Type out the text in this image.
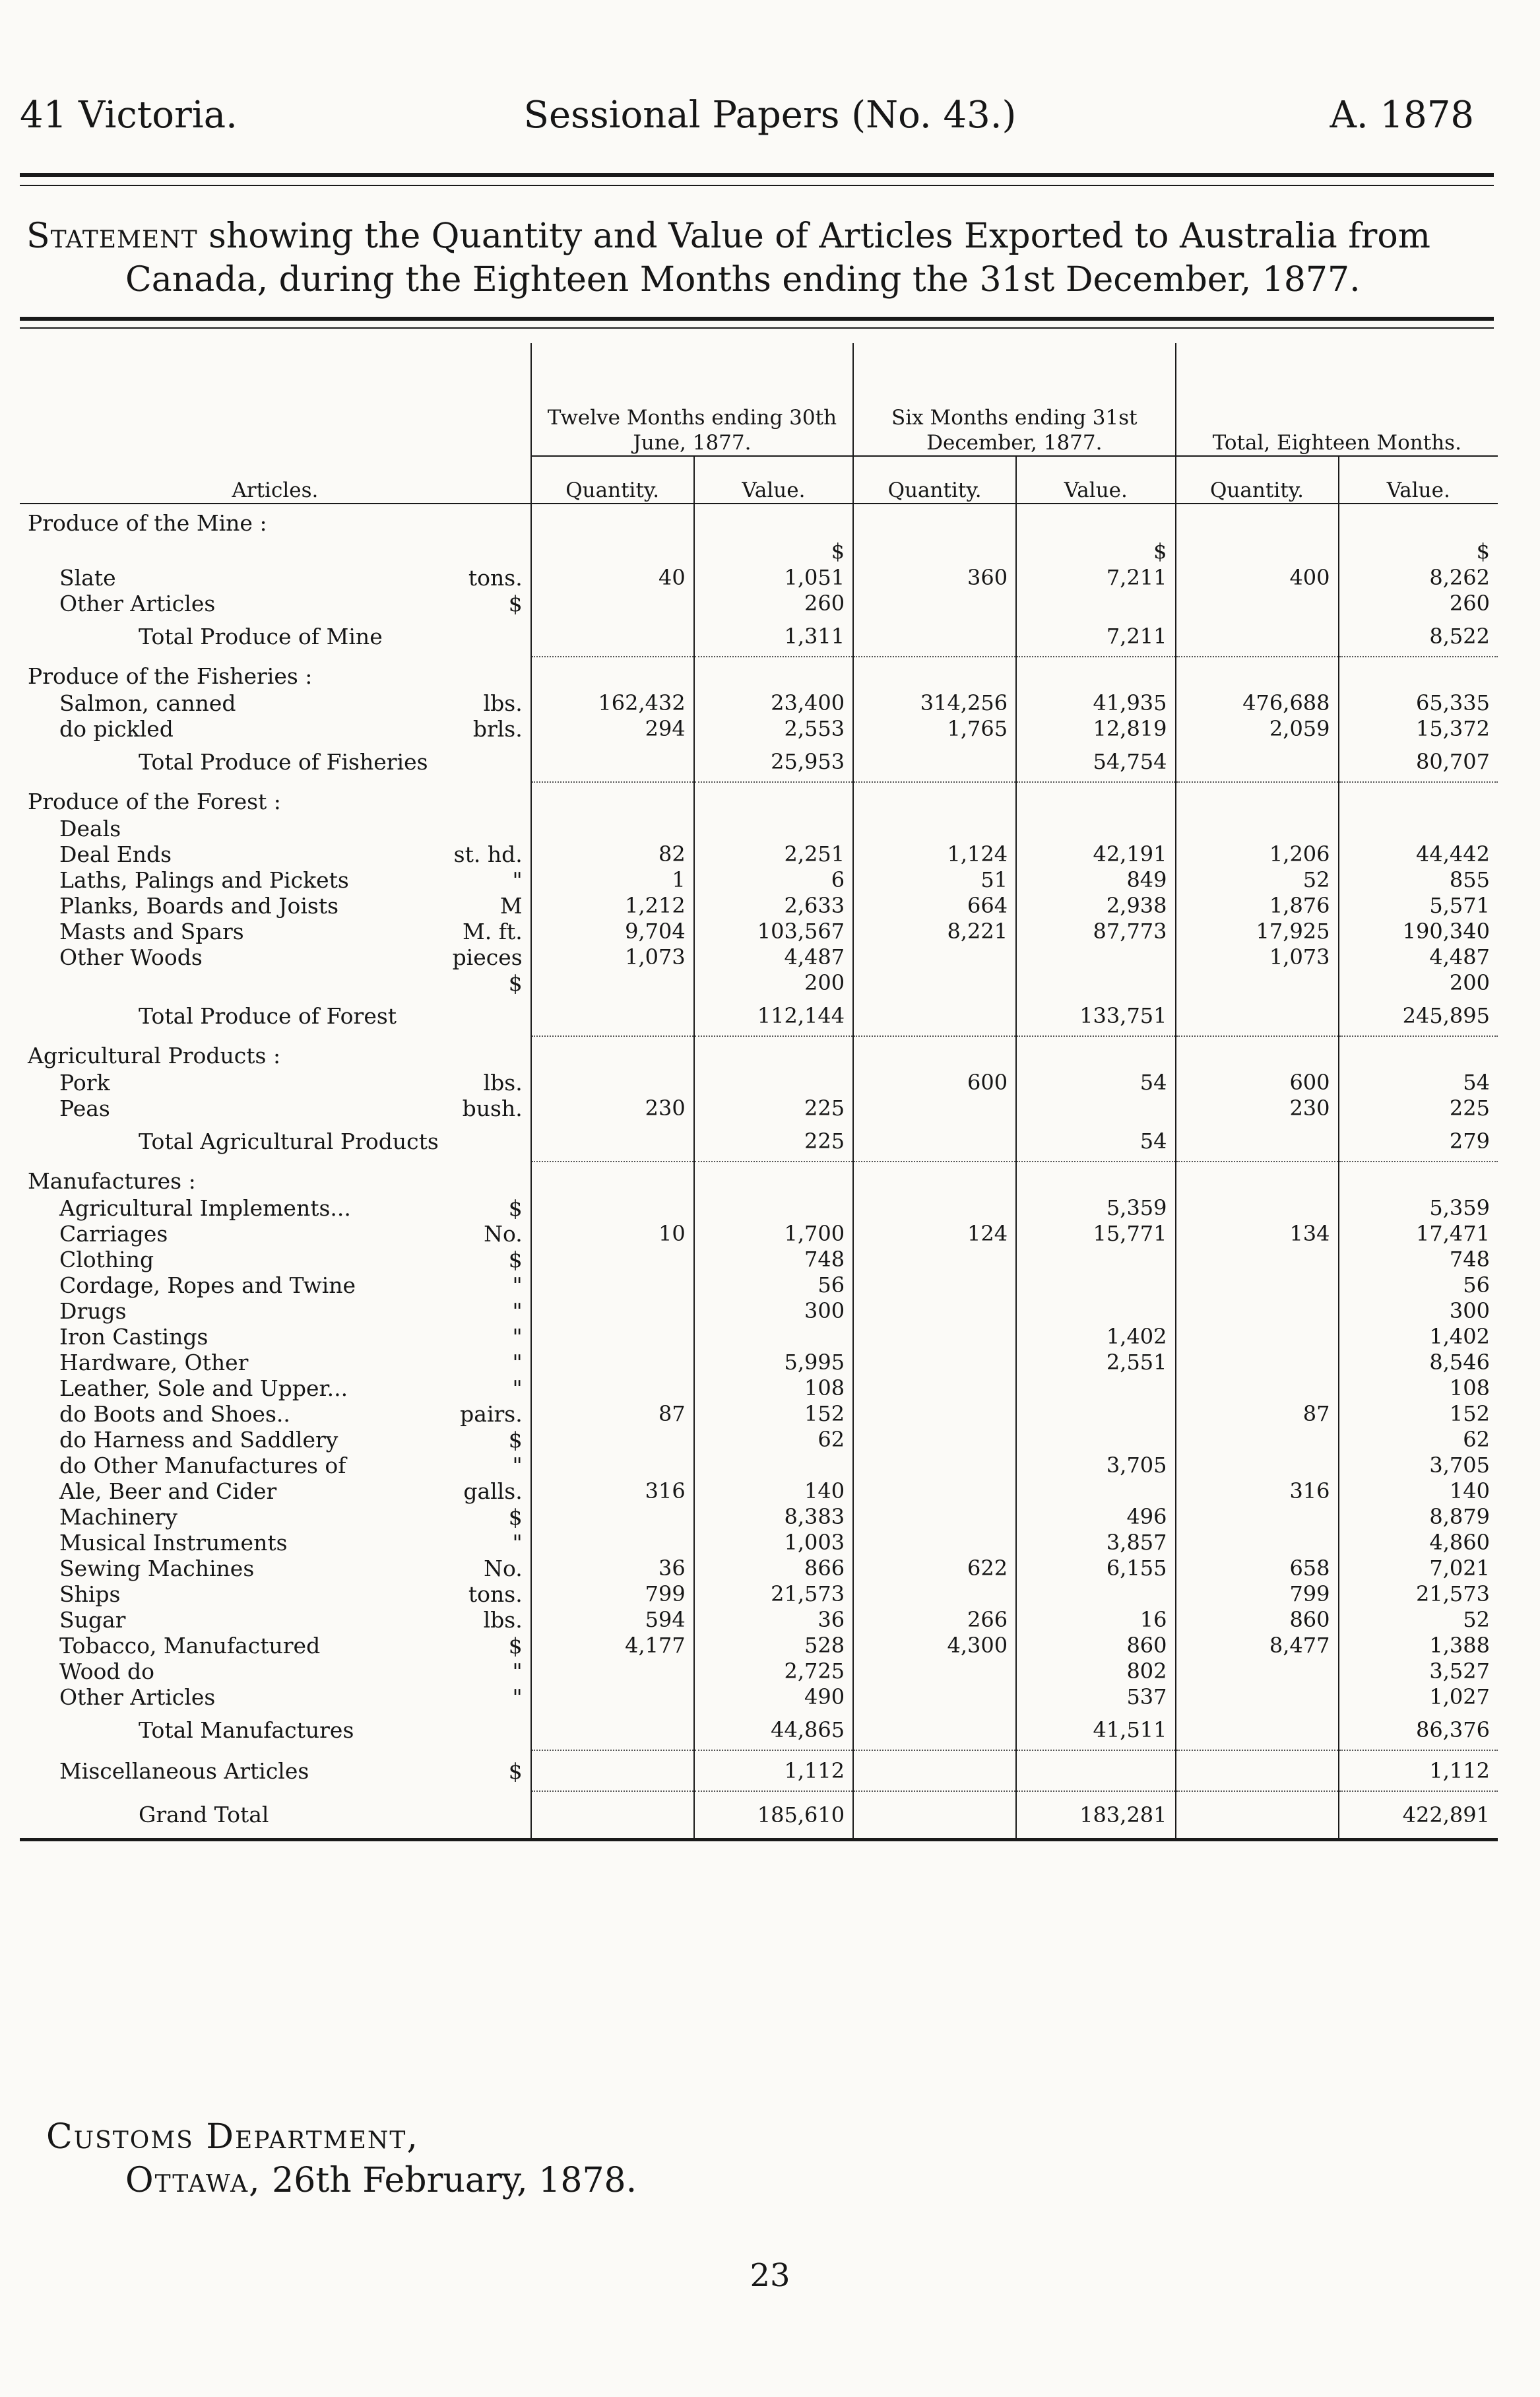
41 Victoria.	Sessional Papers (No. 43.)	A. 1878
Statement showing the Quantity and Value of Articles Exported to Australia from
Canada, during the Eighteen Months ending the 31st December, 1877.
Articles.	Twelve Months ending 30th June, 1877.		Six Months ending 31st December, 1877.		Total, Eighteen Months.	
	Quantity.	Value.	Quantity.	Value.	Quantity.	Value.
Produce of the Mine :						
		$		$		$
Slate tons.	40	1,051	360	7,211	400	8,262
Other Articles $		260				260
Total Produce of Mine		1,311		7,211		8,522
Produce of the Fisheries :						
Salmon, canned lbs.	162,432	23,400	314,256	41,935	476,688	65,335
do pickled brls.	294	2,553	1,765	12,819	2,059	15,372
Total Produce of Fisheries		25,953		54,754		80,707
Produce of the Forest :						
Deals

Deal Ends st. hd.	82	2,251	1,124	42,191	1,206	44,442
Laths, Palings and Pickets "	1	6	51	849	52	855
Planks, Boards and Joists M	1,212	2,633	664	2,938	1,876	5,571
Masts and Spars M. ft.	9,704	103,567	8,221	87,773	17,925	190,340
Other Woods pieces	1,073	4,487			1,073	4,487

$		200				200
Total Produce of Forest		112,144		133,751		245,895
Agricultural Products :						
Pork lbs.			600	54	600	54
Peas bush.	230	225			230	225
Total Agricultural Products		225		54		279
Manufactures :						
Agricultural Implements... $				5,359		5,359
Carriages No.	10	1,700	124	15,771	134	17,471
Clothing $		748				748
Cordage, Ropes and Twine "		56				56
Drugs "		300				300
Iron Castings "				1,402		1,402
Hardware, Other "		5,995		2,551		8,546
Leather, Sole and Upper... "		108				108
do Boots and Shoes.. pairs.	87	152			87	152
do Harness and Saddlery $		62				62
do Other Manufactures of "				3,705		3,705
Ale, Beer and Cider galls.	316	140			316	140
Machinery $		8,383		496		8,879
Musical Instruments "		1,003		3,857		4,860
Sewing Machines No.	36	866	622	6,155	658	7,021
Ships tons.	799	21,573			799	21,573
Sugar lbs.	594	36	266	16	860	52
Tobacco, Manufactured $	4,177	528	4,300	860	8,477	1,388
Wood do "		2,725		802		3,527
Other Articles "		490		537		1,027
Total Manufactures		44,865		41,511		86,376
Miscellaneous Articles $		1,112				1,112
Grand Total		185,610		183,281		422,891
Customs Department,
Ottawa, 26th February, 1878.
23
